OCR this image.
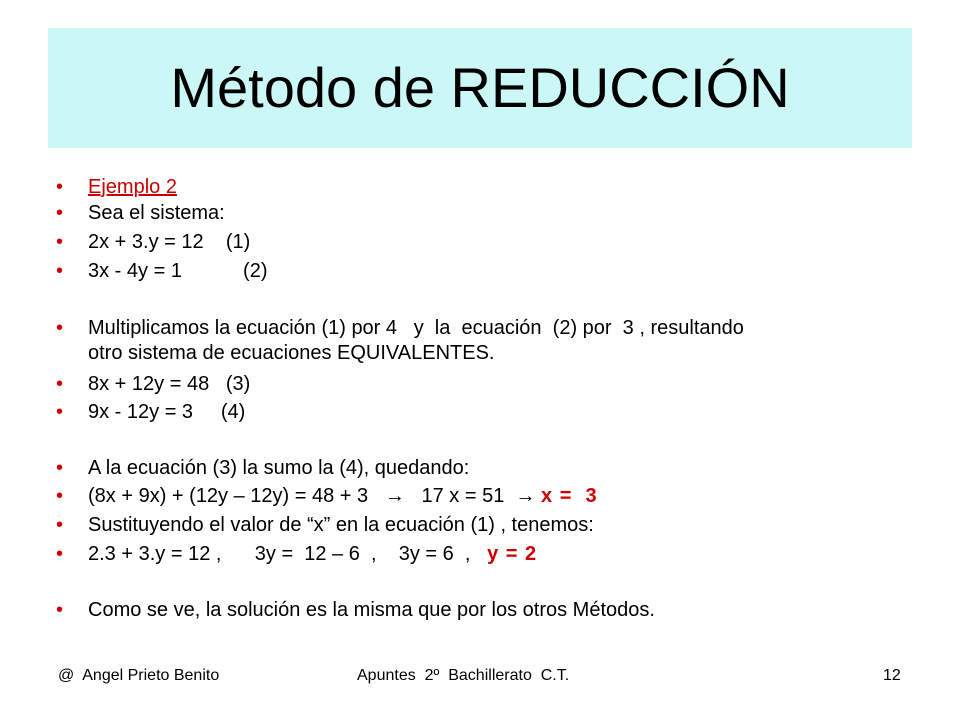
Método de REDUCCIÓN

•

Ejemplo 2

•

Sea el sistema:

•

2x + 3.y = 12    (1)

•

3x - 4y = 1           (2)

•

Multiplicamos la ecuación (1) por 4   y  la  ecuación  (2) por  3 , resultando

otro sistema de ecuaciones EQUIVALENTES.

•

8x + 12y = 48   (3)

•

9x - 12y = 3     (4)

•

A la ecuación (3) la sumo la (4), quedando:

•

(8x + 9x) + (12y – 12y) = 48 + 3   →   17 x = 51  → x =  3

•

Sustituyendo el valor de “x” en la ecuación (1) , tenemos:

•

2.3 + 3.y = 12 ,      3y =  12 – 6  ,    3y = 6  ,   y = 2

•

Como se ve, la solución es la misma que por los otros Métodos.

@  Angel Prieto Benito	Apuntes  2º  Bachillerato  C.T.	12
